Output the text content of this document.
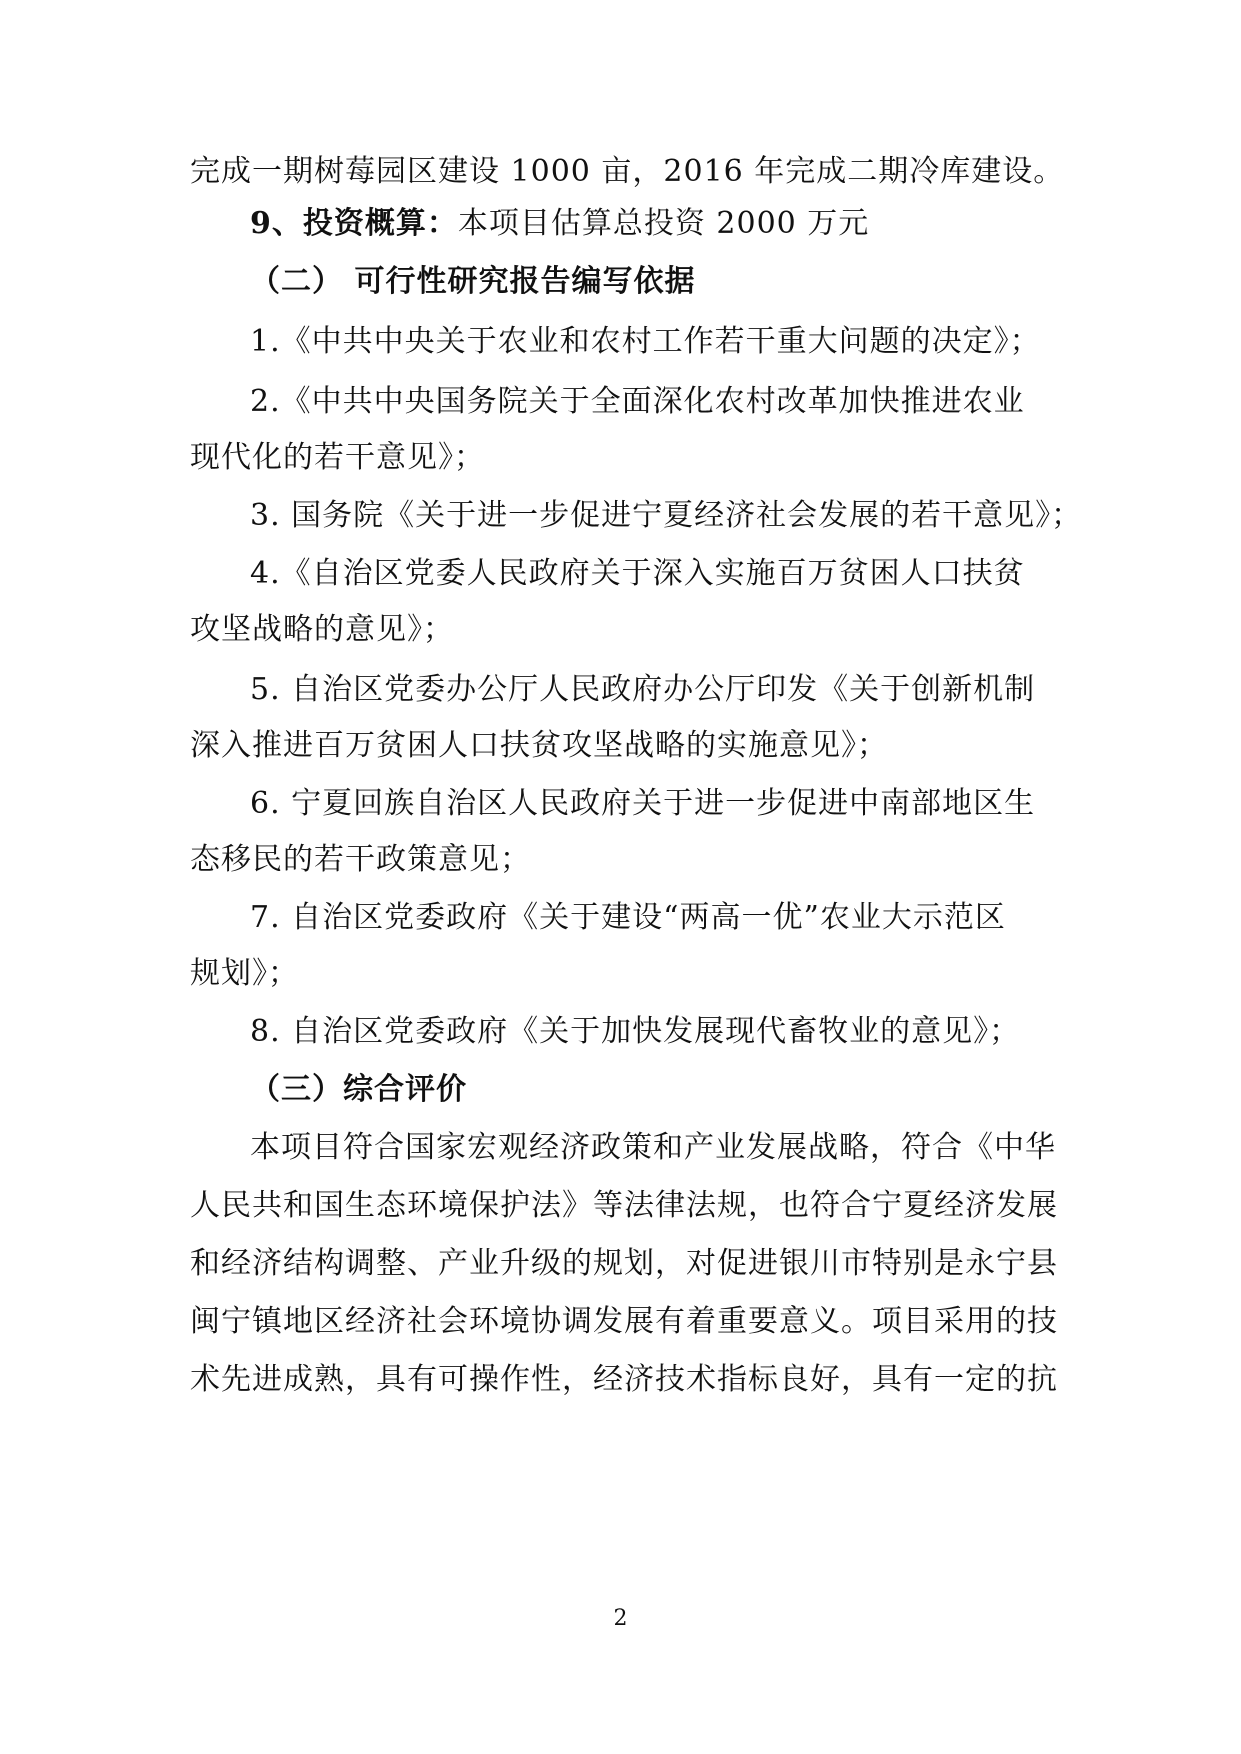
完成一期树莓园区建设 1000 亩，2016 年完成二期冷库建设。
9、投资概算：本项目估算总投资 2000 万元
（二） 可行性研究报告编写依据
1.《中共中央关于农业和农村工作若干重大问题的决定》；
2.《中共中央国务院关于全面深化农村改革加快推进农业
现代化的若干意见》；
3. 国务院《关于进一步促进宁夏经济社会发展的若干意见》；
4.《自治区党委人民政府关于深入实施百万贫困人口扶贫
攻坚战略的意见》；
5. 自治区党委办公厅人民政府办公厅印发《关于创新机制
深入推进百万贫困人口扶贫攻坚战略的实施意见》；
6. 宁夏回族自治区人民政府关于进一步促进中南部地区生
态移民的若干政策意见；
7. 自治区党委政府《关于建设“两高一优”农业大示范区
规划》；
8. 自治区党委政府《关于加快发展现代畜牧业的意见》；
（三）综合评价
本项目符合国家宏观经济政策和产业发展战略，符合《中华
人民共和国生态环境保护法》等法律法规，也符合宁夏经济发展
和经济结构调整、产业升级的规划，对促进银川市特别是永宁县
闽宁镇地区经济社会环境协调发展有着重要意义。项目采用的技
术先进成熟，具有可操作性，经济技术指标良好，具有一定的抗
2
